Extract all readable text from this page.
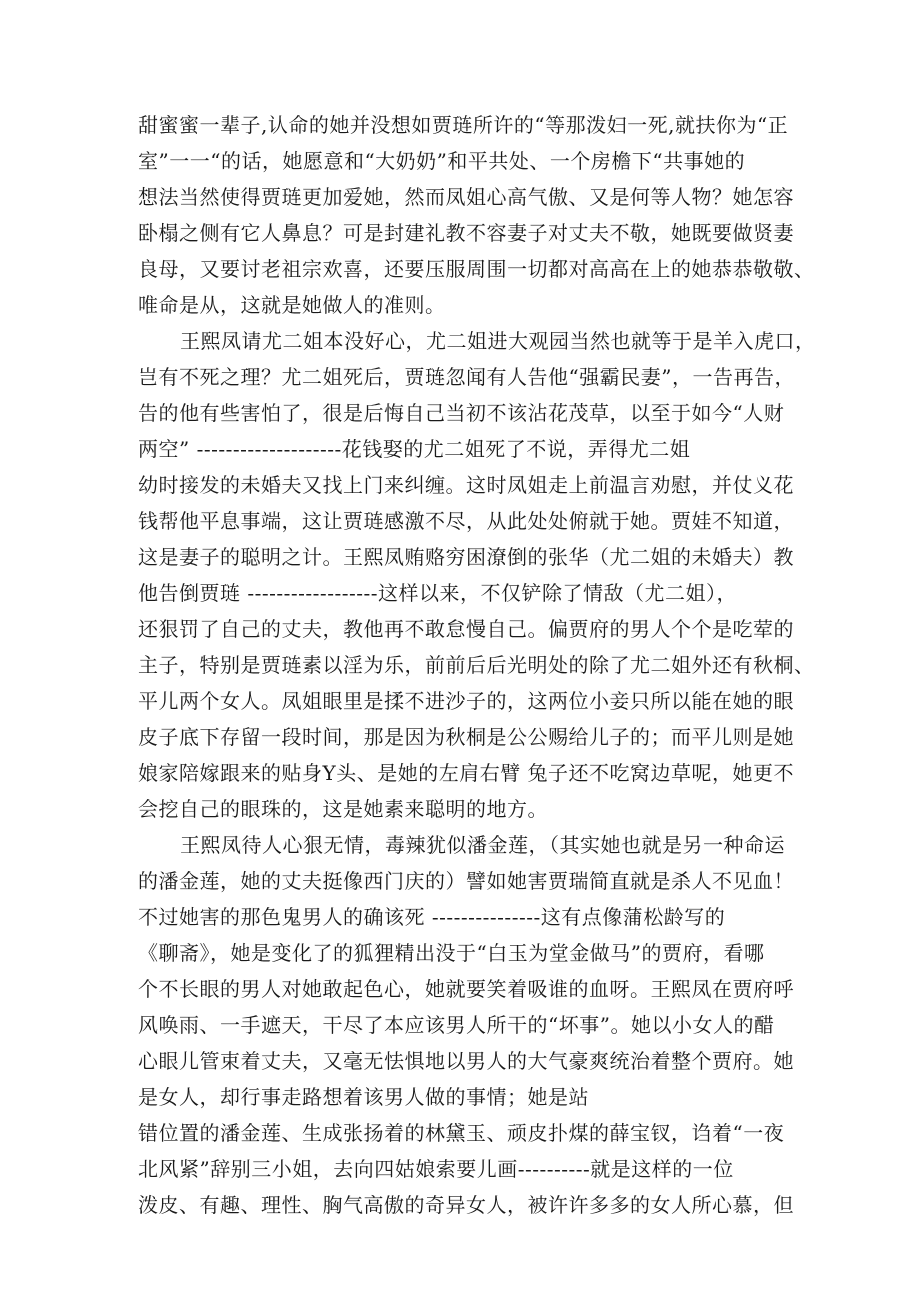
甜蜜蜜一辈子,认命的她并没想如贾琏所许的“等那泼妇一死,就扶你为“正
室”一一“的话，她愿意和“大奶奶”和平共处、一个房檐下“共事她的
想法当然使得贾琏更加爱她，然而凤姐心高气傲、又是何等人物？她怎容
卧榻之侧有它人鼻息？可是封建礼教不容妻子对丈夫不敬，她既要做贤妻
良母，又要讨老祖宗欢喜，还要压服周围一切都对高高在上的她恭恭敬敬、
唯命是从，这就是她做人的准则。
王熙凤请尤二姐本没好心，尤二姐进大观园当然也就等于是羊入虎口，
岂有不死之理？尤二姐死后，贾琏忽闻有人告他“强霸民妻”，一告再告，
告的他有些害怕了，很是后悔自己当初不该沾花茂草，以至于如今“人财
两空” --------------------花钱娶的尤二姐死了不说，弄得尤二姐
幼时接发的未婚夫又找上门来纠缠。这时凤姐走上前温言劝慰，并仗义花
钱帮他平息事端，这让贾琏感激不尽，从此处处俯就于她。贾娃不知道，
这是妻子的聪明之计。王熙凤贿赂穷困潦倒的张华（尤二姐的未婚夫）教
他告倒贾琏 ------------------这样以来，不仅铲除了情敌（尤二姐），
还狠罚了自己的丈夫，教他再不敢怠慢自己。偏贾府的男人个个是吃荤的
主子，特别是贾琏素以淫为乐，前前后后光明处的除了尤二姐外还有秋桐、
平儿两个女人。凤姐眼里是揉不进沙子的，这两位小妾只所以能在她的眼
皮子底下存留一段时间，那是因为秋桐是公公赐给儿子的；而平儿则是她
娘家陪嫁跟来的贴身Y头、是她的左肩右臂 兔子还不吃窝边草呢，她更不
会挖自己的眼珠的，这是她素来聪明的地方。
王熙凤待人心狠无情，毒辣犹似潘金莲，（其实她也就是另一种命运
的潘金莲，她的丈夫挺像西门庆的）譬如她害贾瑞简直就是杀人不见血！
不过她害的那色鬼男人的确该死 ---------------这有点像蒲松龄写的
《聊斋》，她是变化了的狐狸精出没于“白玉为堂金做马”的贾府，看哪
个不长眼的男人对她敢起色心，她就要笑着吸谁的血呀。王熙凤在贾府呼
风唤雨、一手遮天，干尽了本应该男人所干的“坏事”。她以小女人的醋
心眼儿管束着丈夫，又毫无怯惧地以男人的大气豪爽统治着整个贾府。她
是女人，却行事走路想着该男人做的事情；她是站
错位置的潘金莲、生成张扬着的林黛玉、顽皮扑煤的薛宝钗，诌着“一夜
北风紧”辞别三小姐，去向四姑娘索要儿画----------就是这样的一位
泼皮、有趣、理性、胸气高傲的奇异女人，被许许多多的女人所心慕，但
